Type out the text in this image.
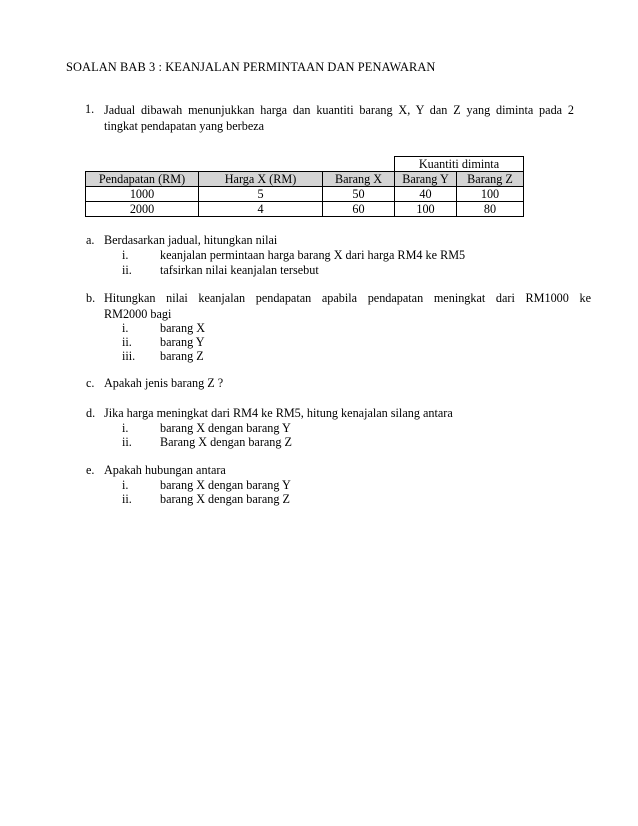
SOALAN BAB 3 : KEANJALAN PERMINTAAN DAN PENAWARAN
1. Jadual dibawah menunjukkan harga dan kuantiti barang X, Y dan Z yang diminta pada 2
tingkat pendapatan yang berbeza
			Kuantiti diminta	
Pendapatan (RM)	Harga X (RM)	Barang X	Barang Y	Barang Z
1000	5	50	40	100
2000	4	60	100	80
a. Berdasarkan jadual, hitungkan nilai
i.	keanjalan permintaan harga barang X dari harga RM4 ke RM5
ii. tafsirkan nilai keanjalan tersebut
b. Hitungkan nilai keanjalan pendapatan apabila pendapatan meningkat dari RM1000 ke
RM2000 bagi
i.	barang X
ii. barang Y
iii. barang Z
c. Apakah jenis barang Z ?
d. Jika harga meningkat dari RM4 ke RM5, hitung kenajalan silang antara
i.	barang X dengan barang Y
ii. Barang X dengan barang Z
e. Apakah hubungan antara
i.	barang X dengan barang Y
ii. barang X dengan barang Z
